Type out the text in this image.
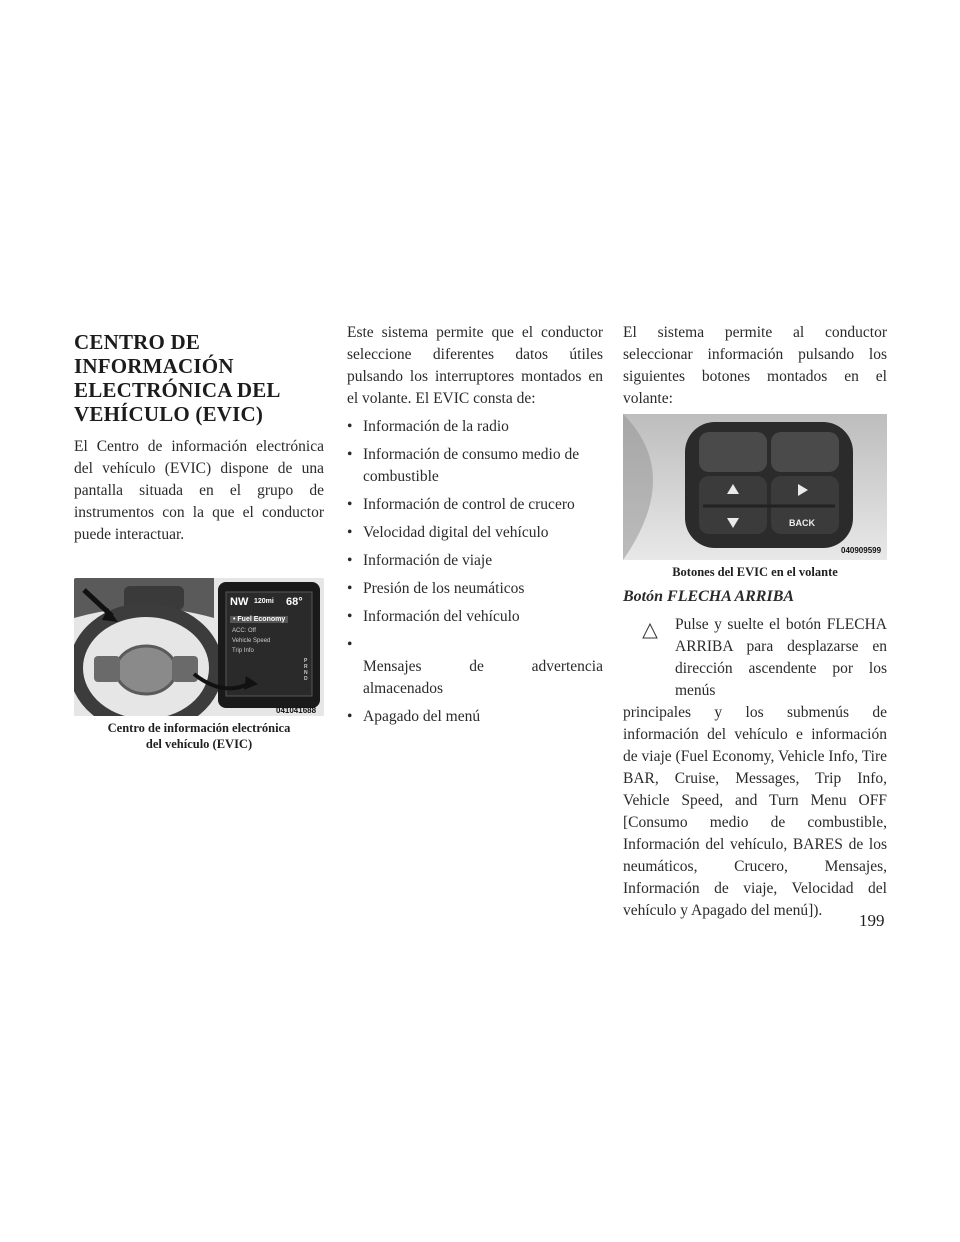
CENTRO DE
INFORMACIÓN
ELECTRÓNICA DEL
VEHÍCULO (EVIC)

El Centro de información electrónica del vehículo (EVIC) dispone de una pantalla situada en el grupo de instrumentos con la que el conductor puede interactuar.

NW 120mi 68°
• Fuel Economy
ACC: Off
Vehicle Speed
Trip Info
P R N D
041041688
Centro de información electrónica
del vehículo (EVIC)

Este sistema permite que el conductor seleccione diferentes datos útiles pulsando los interruptores montados en el volante. El EVIC consta de:

• Información de la radio
• Información de consumo medio de combustible
• Información de control de crucero
• Velocidad digital del vehículo
• Información de viaje
• Presión de los neumáticos
• Información del vehículo

• Mensajes	de	advertencia
almacenados
• Apagado del menú

El sistema permite al conductor seleccionar información pulsando los siguientes botones montados en el volante:

BACK
040909599
Botones del EVIC en el volante
Botón FLECHA ARRIBA
Pulse y suelte el botón FLECHA ARRIBA para desplazarse en dirección ascendente por los menús

principales y los submenús de información del vehículo e información de viaje (Fuel Economy, Vehicle Info, Tire BAR, Cruise, Messages, Trip Info, Vehicle Speed, and Turn Menu OFF [Consumo medio de combustible, Información del vehículo, BARES de los neumáticos, Crucero, Mensajes, Información de viaje, Velocidad del vehículo y Apagado del menú]).

199
